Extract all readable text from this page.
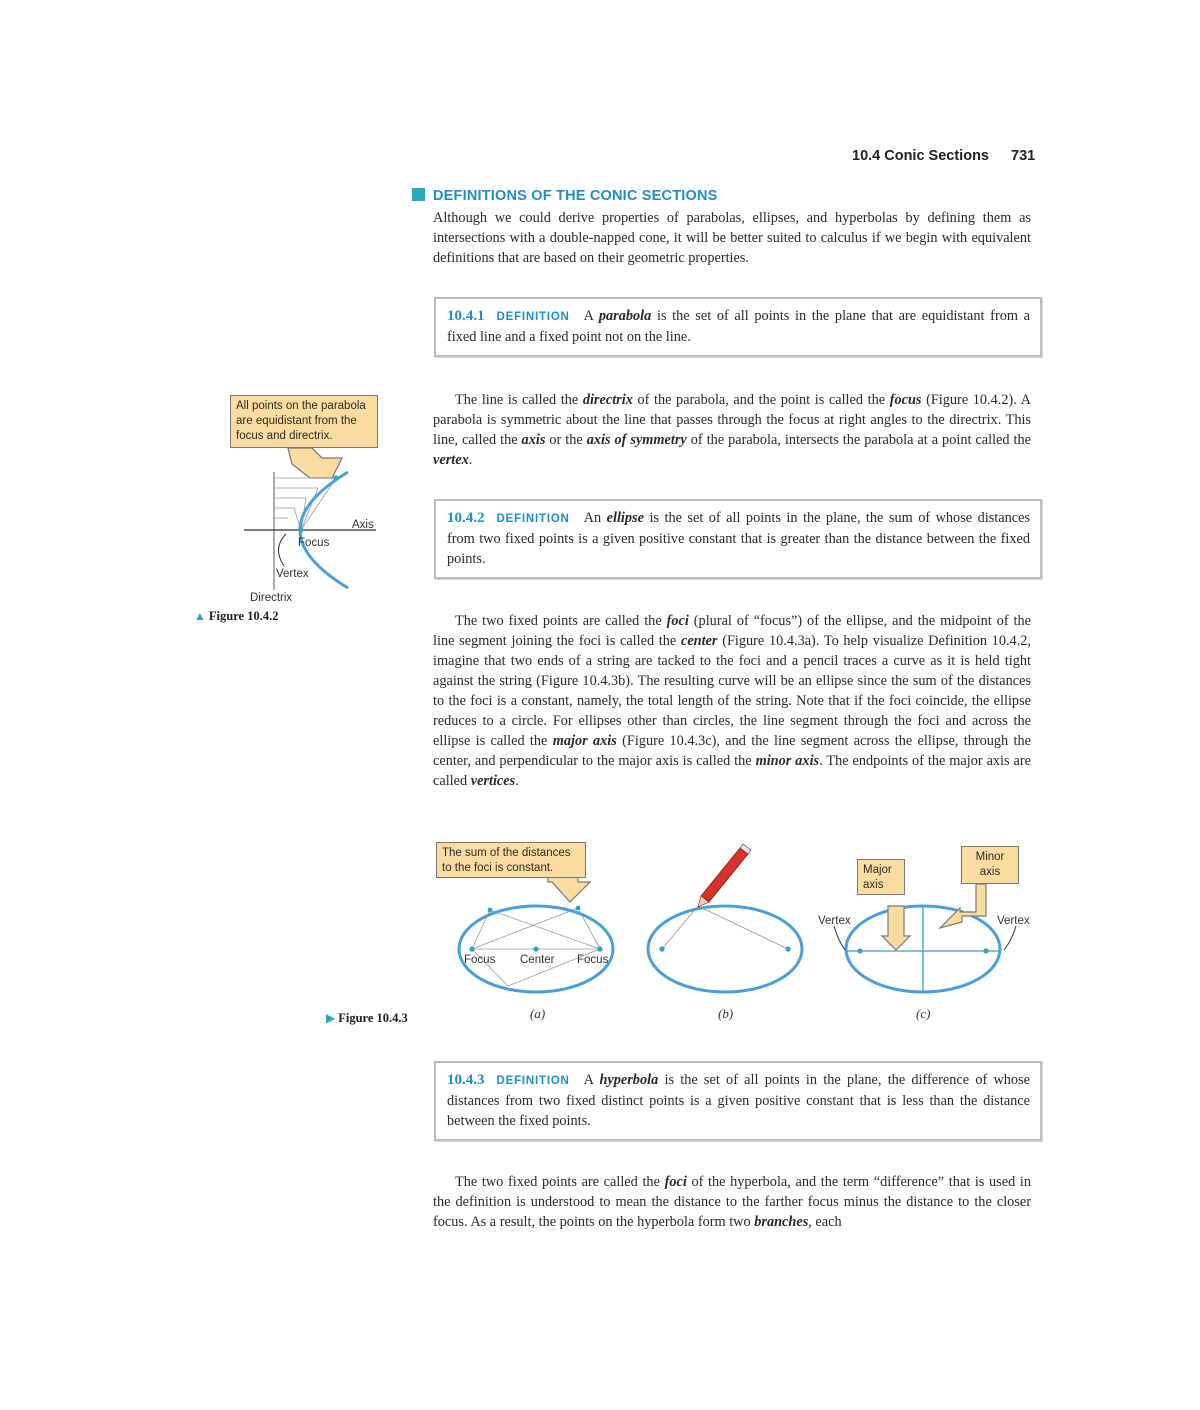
10.4 Conic Sections 731
DEFINITIONS OF THE CONIC SECTIONS

Although we could derive properties of parabolas, ellipses, and hyperbolas by defining them as intersections with a double-napped cone, it will be better suited to calculus if we begin with equivalent definitions that are based on their geometric properties.

10.4.1 DEFINITION A parabola is the set of all points in the plane that are equidistant from a fixed line and a fixed point not on the line.

The line is called the directrix of the parabola, and the point is called the focus (Figure 10.4.2). A parabola is symmetric about the line that passes through the focus at right angles to the directrix. This line, called the axis or the axis of symmetry of the parabola, intersects the parabola at a point called the vertex.

10.4.2 DEFINITION An ellipse is the set of all points in the plane, the sum of whose distances from two fixed points is a given positive constant that is greater than the distance between the fixed points.

The two fixed points are called the foci (plural of “focus”) of the ellipse, and the midpoint of the line segment joining the foci is called the center (Figure 10.4.3a). To help visualize Definition 10.4.2, imagine that two ends of a string are tacked to the foci and a pencil traces a curve as it is held tight against the string (Figure 10.4.3b). The resulting curve will be an ellipse since the sum of the distances to the foci is a constant, namely, the total length of the string. Note that if the foci coincide, the ellipse reduces to a circle. For ellipses other than circles, the line segment through the foci and across the ellipse is called the major axis (Figure 10.4.3c), and the line segment across the ellipse, through the center, and perpendicular to the major axis is called the minor axis. The endpoints of the major axis are called vertices.

10.4.3 DEFINITION A hyperbola is the set of all points in the plane, the difference of whose distances from two fixed distinct points is a given positive constant that is less than the distance between the fixed points.

The two fixed points are called the foci of the hyperbola, and the term “difference” that is used in the definition is understood to mean the distance to the farther focus minus the distance to the closer focus. As a result, the points on the hyperbola form two branches, each

All points on the parabola are equidistant from the focus and directrix.
Axis
Focus
Vertex
Directrix
▲ Figure 10.4.2
Focus Center Focus
Vertex	Vertex
The sum of the distances to the foci is constant.	Major axis
Minor axis
(a)	(b)	(c)
▶ Figure 10.4.3
